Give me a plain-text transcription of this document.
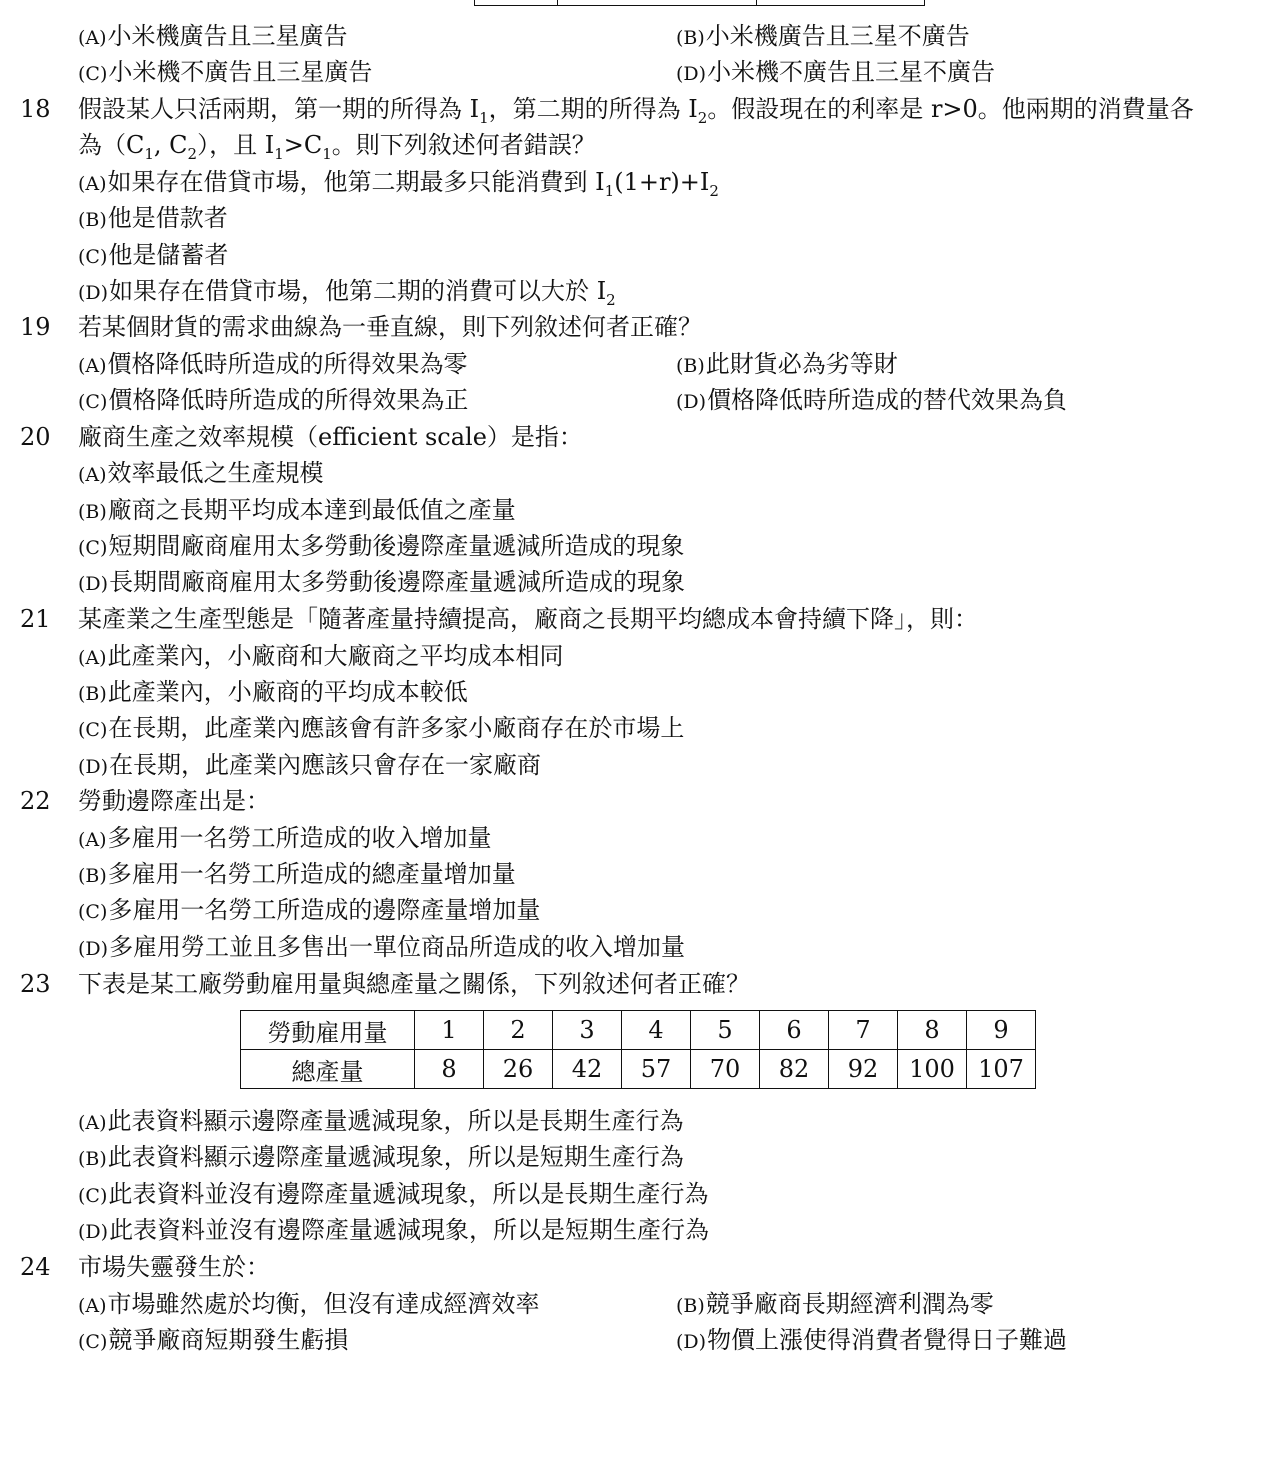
(A)小米機廣告且三星廣告	(B)小米機廣告且三星不廣告
(C)小米機不廣告且三星廣告	(D)小米機不廣告且三星不廣告
18 假設某人只活兩期，第一期的所得為 $I_1$，第二期的所得為 $I_2$。假設現在的利率是 r>0。他兩期的消費量各
為（$C_1$, $C_2$），且 $I_1>C_1$。則下列敘述何者錯誤？
(A)如果存在借貸市場，他第二期最多只能消費到 $I_1(1+r)+I_2$
(B)他是借款者
(C)他是儲蓄者
(D)如果存在借貸市場，他第二期的消費可以大於 $I_2$
19 若某個財貨的需求曲線為一垂直線，則下列敘述何者正確？
(A)價格降低時所造成的所得效果為零	(B)此財貨必為劣等財
(C)價格降低時所造成的所得效果為正	(D)價格降低時所造成的替代效果為負
20 廠商生產之效率規模（efficient scale）是指：
(A)效率最低之生產規模
(B)廠商之長期平均成本達到最低值之產量
(C)短期間廠商雇用太多勞動後邊際產量遞減所造成的現象
(D)長期間廠商雇用太多勞動後邊際產量遞減所造成的現象
21 某產業之生產型態是「隨著產量持續提高，廠商之長期平均總成本會持續下降」，則：
(A)此產業內，小廠商和大廠商之平均成本相同
(B)此產業內，小廠商的平均成本較低
(C)在長期，此產業內應該會有許多家小廠商存在於市場上
(D)在長期，此產業內應該只會存在一家廠商
22 勞動邊際產出是：
(A)多雇用一名勞工所造成的收入增加量
(B)多雇用一名勞工所造成的總產量增加量
(C)多雇用一名勞工所造成的邊際產量增加量
(D)多雇用勞工並且多售出一單位商品所造成的收入增加量
23 下表是某工廠勞動雇用量與總產量之關係，下列敘述何者正確？
勞動雇用量	1	2	3	4	5	6	7	8	9
總產量	8	26	42	57	70	82	92	100	107
(A)此表資料顯示邊際產量遞減現象，所以是長期生產行為
(B)此表資料顯示邊際產量遞減現象，所以是短期生產行為
(C)此表資料並沒有邊際產量遞減現象，所以是長期生產行為
(D)此表資料並沒有邊際產量遞減現象，所以是短期生產行為
24 市場失靈發生於：
(A)市場雖然處於均衡，但沒有達成經濟效率	(B)競爭廠商長期經濟利潤為零
(C)競爭廠商短期發生虧損	(D)物價上漲使得消費者覺得日子難過
